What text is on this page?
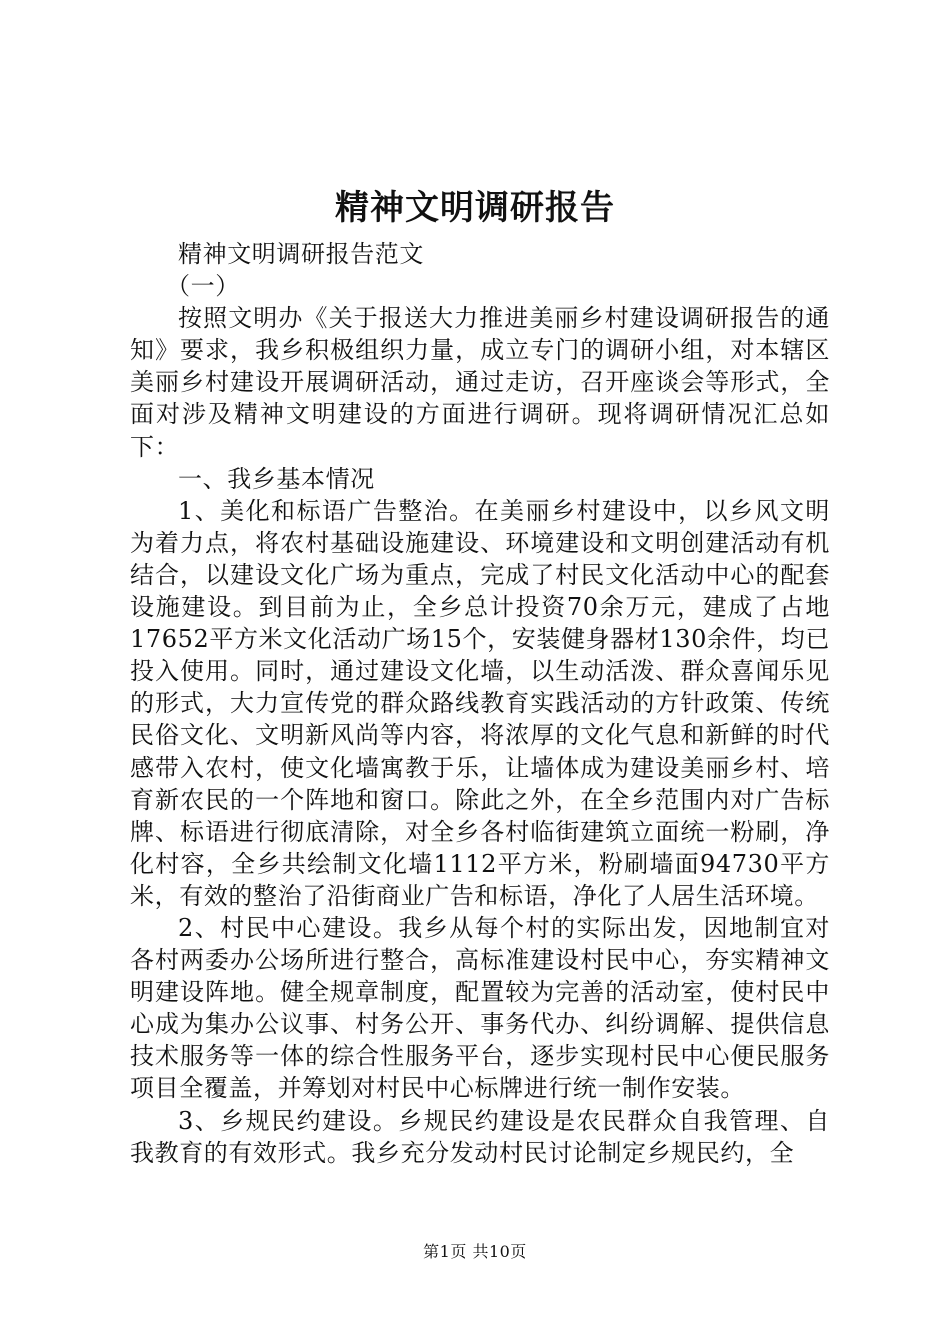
精神文明调研报告

精神文明调研报告范文

（一）

按照文明办《关于报送大力推进美丽乡村建设调研报告的通知》要求，我乡积极组织力量，成立专门的调研小组，对本辖区美丽乡村建设开展调研活动，通过走访，召开座谈会等形式，全面对涉及精神文明建设的方面进行调研。现将调研情况汇总如下：

一、我乡基本情况

1、美化和标语广告整治。在美丽乡村建设中，以乡风文明为着力点，将农村基础设施建设、环境建设和文明创建活动有机结合，以建设文化广场为重点，完成了村民文化活动中心的配套设施建设。到目前为止，全乡总计投资70余万元，建成了占地17652平方米文化活动广场15个，安装健身器材130余件，均已投入使用。同时，通过建设文化墙，以生动活泼、群众喜闻乐见的形式，大力宣传党的群众路线教育实践活动的方针政策、传统民俗文化、文明新风尚等内容，将浓厚的文化气息和新鲜的时代感带入农村，使文化墙寓教于乐，让墙体成为建设美丽乡村、培育新农民的一个阵地和窗口。除此之外，在全乡范围内对广告标牌、标语进行彻底清除，对全乡各村临街建筑立面统一粉刷，净化村容，全乡共绘制文化墙1112平方米，粉刷墙面94730平方米，有效的整治了沿街商业广告和标语，净化了人居生活环境。

2、村民中心建设。我乡从每个村的实际出发，因地制宜对各村两委办公场所进行整合，高标准建设村民中心，夯实精神文明建设阵地。健全规章制度，配置较为完善的活动室，使村民中心成为集办公议事、村务公开、事务代办、纠纷调解、提供信息技术服务等一体的综合性服务平台，逐步实现村民中心便民服务项目全覆盖，并筹划对村民中心标牌进行统一制作安装。

3、乡规民约建设。乡规民约建设是农民群众自我管理、自我教育的有效形式。我乡充分发动村民讨论制定乡规民约，全

第1页 共10页
